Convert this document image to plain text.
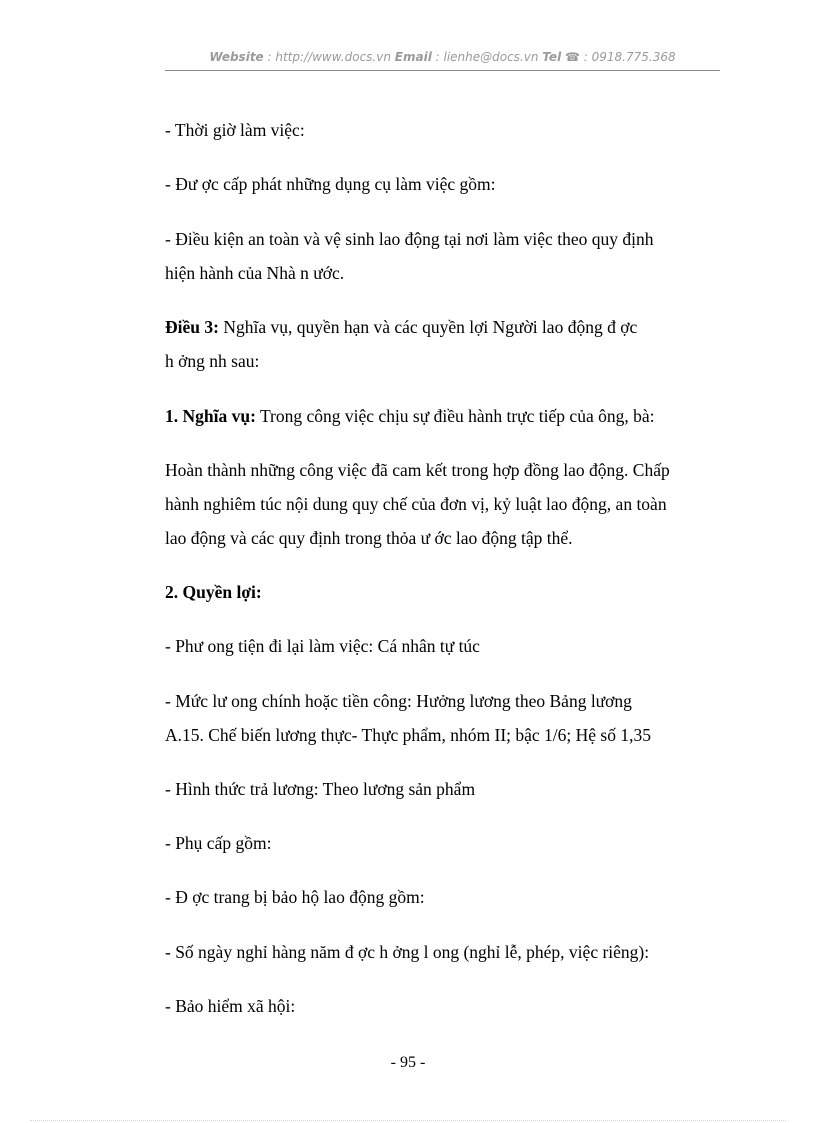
Website : http://www.docs.vn Email : lienhe@docs.vn Tel ☎ : 0918.775.368
- Thời giờ làm việc:
- Đư ợc cấp phát những dụng cụ làm việc gồm:
- Điều kiện an toàn và vệ sinh lao động tại nơi làm việc theo quy định
hiện hành của Nhà n ước.
Điều 3: Nghĩa vụ, quyền hạn và các quyền lợi Người lao động đ ợc
h ởng nh sau:
1. Nghĩa vụ: Trong công việc chịu sự điều hành trực tiếp của ông, bà:
Hoàn thành những công việc đã cam kết trong hợp đồng lao động. Chấp
hành nghiêm túc nội dung quy chế của đơn vị, kỷ luật lao động, an toàn
lao động và các quy định trong thỏa ư ớc lao động tập thể.
2. Quyền lợi:
- Phư ong tiện đi lại làm việc: Cá nhân tự túc
- Mức lư ong chính hoặc tiền công: Hưởng lương theo Bảng lương
A.15. Chế biến lương thực- Thực phẩm, nhóm II; bậc 1/6; Hệ số 1,35
- Hình thức trả lương: Theo lương sản phẩm
- Phụ cấp gồm:
- Đ ợc trang bị bảo hộ lao động gồm:
- Số ngày nghỉ hàng năm đ ợc h ởng l ong (nghỉ lễ, phép, việc riêng):
- Bảo hiểm xã hội:
- 95 -
